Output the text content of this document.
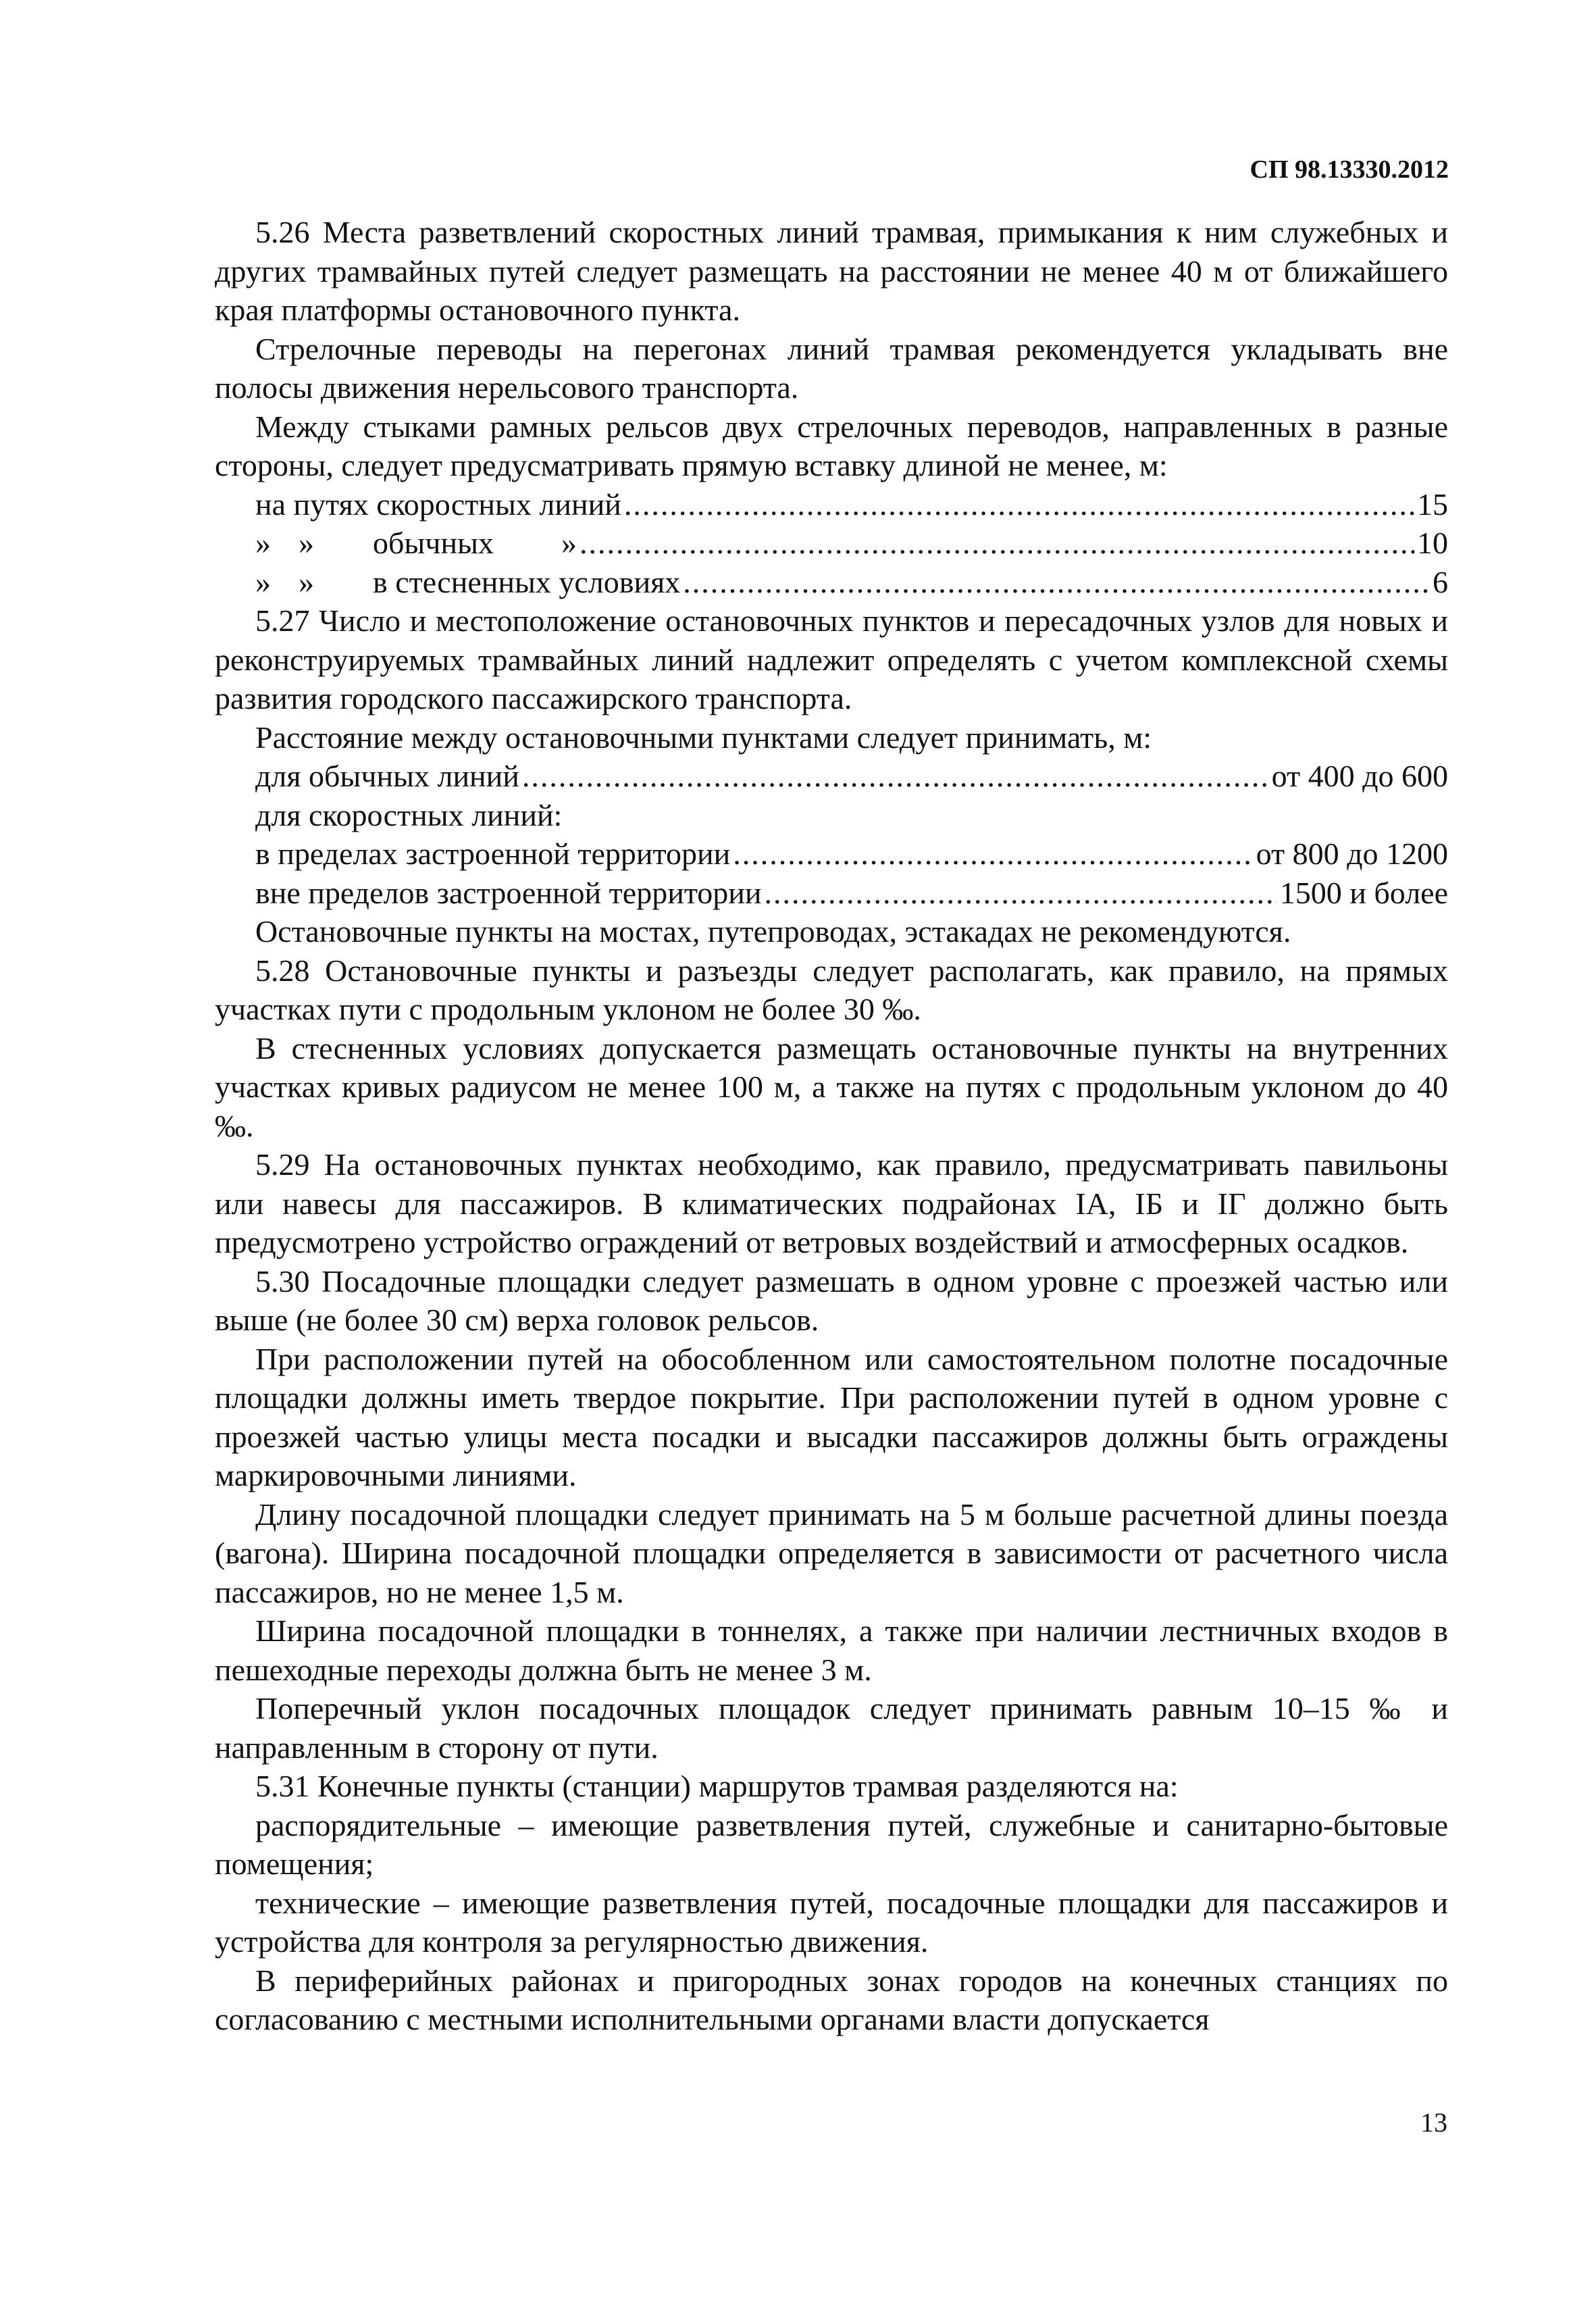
СП 98.13330.2012

5.26 Места разветвлений скоростных линий трамвая, примыкания к ним служебных и других трамвайных путей следует размещать на расстоянии не менее 40 м от ближайшего края платформы остановочного пункта.

Стрелочные переводы на перегонах линий трамвая рекомендуется укладывать вне полосы движения нерельсового транспорта.

Между стыками рамных рельсов двух стрелочных переводов, направленных в разные стороны, следует предусматривать прямую вставку длиной не менее, м:

на путях скоростных линий .....	15
» » обычных » .....	10
» » в стесненных условиях .....	6

5.27 Число и местоположение остановочных пунктов и пересадочных узлов для новых и реконструируемых трамвайных линий надлежит определять с учетом комплексной схемы развития городского пассажирского транспорта.

Расстояние между остановочными пунктами следует принимать, м:
для обычных линий .....	от 400 до 600
для скоростных линий:
в пределах застроенной территории .....	от 800 до 1200
вне пределов застроенной территории .....	1500 и более

Остановочные пункты на мостах, путепроводах, эстакадах не рекомендуются.

5.28 Остановочные пункты и разъезды следует располагать, как правило, на прямых участках пути с продольным уклоном не более 30 ‰.

В стесненных условиях допускается размещать остановочные пункты на внутренних участках кривых радиусом не менее 100 м, а также на путях с продольным уклоном до 40 ‰.

5.29 На остановочных пунктах необходимо, как правило, предусматривать павильоны или навесы для пассажиров. В климатических подрайонах IA, IБ и IГ должно быть предусмотрено устройство ограждений от ветровых воздействий и атмосферных осадков.

5.30 Посадочные площадки следует размешать в одном уровне с проезжей частью или выше (не более 30 см) верха головок рельсов.

При расположении путей на обособленном или самостоятельном полотне посадочные площадки должны иметь твердое покрытие. При расположении путей в одном уровне с проезжей частью улицы места посадки и высадки пассажиров должны быть ограждены маркировочными линиями.

Длину посадочной площадки следует принимать на 5 м больше расчетной длины поезда (вагона). Ширина посадочной площадки определяется в зависимости от расчетного числа пассажиров, но не менее 1,5 м.

Ширина посадочной площадки в тоннелях, а также при наличии лестничных входов в пешеходные переходы должна быть не менее 3 м.

Поперечный уклон посадочных площадок следует принимать равным 10–15 ‰ и направленным в сторону от пути.

5.31 Конечные пункты (станции) маршрутов трамвая разделяются на:

распорядительные – имеющие разветвления путей, служебные и санитарно-бытовые помещения;

технические – имеющие разветвления путей, посадочные площадки для пассажиров и устройства для контроля за регулярностью движения.

В периферийных районах и пригородных зонах городов на конечных станциях по согласованию с местными исполнительными органами власти допускается

13
